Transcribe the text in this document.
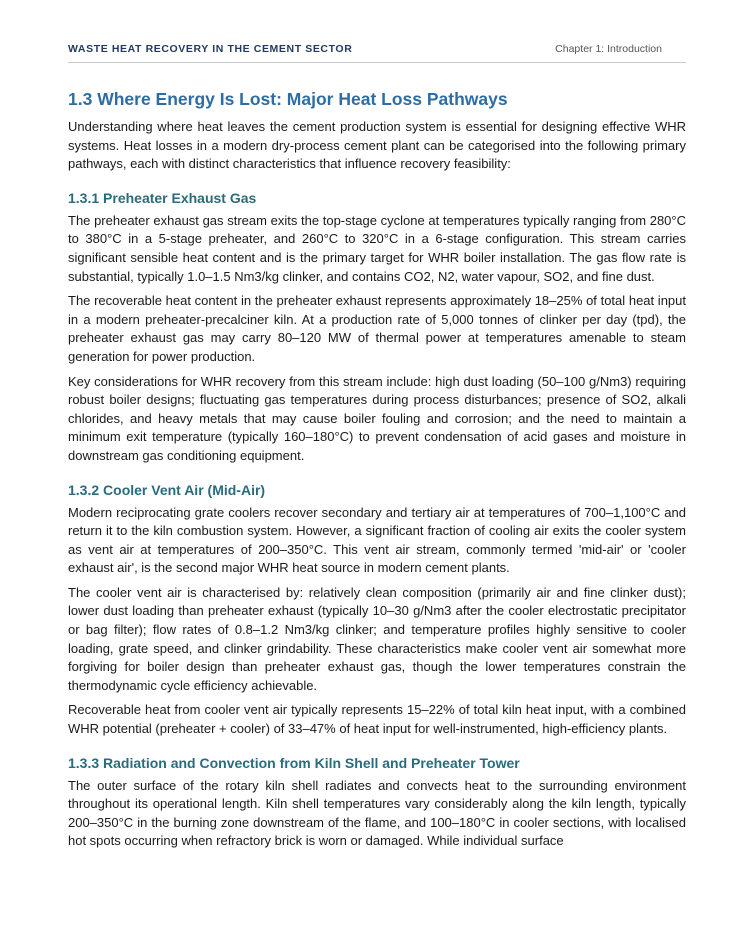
WASTE HEAT RECOVERY IN THE CEMENT SECTOR	Chapter 1: Introduction
1.3 Where Energy Is Lost: Major Heat Loss Pathways

Understanding where heat leaves the cement production system is essential for designing effective WHR systems. Heat losses in a modern dry-process cement plant can be categorised into the following primary pathways, each with distinct characteristics that influence recovery feasibility:

1.3.1 Preheater Exhaust Gas

The preheater exhaust gas stream exits the top-stage cyclone at temperatures typically ranging from 280°C to 380°C in a 5-stage preheater, and 260°C to 320°C in a 6-stage configuration. This stream carries significant sensible heat content and is the primary target for WHR boiler installation. The gas flow rate is substantial, typically 1.0–1.5 Nm3/kg clinker, and contains CO2, N2, water vapour, SO2, and fine dust.

The recoverable heat content in the preheater exhaust represents approximately 18–25% of total heat input in a modern preheater-precalciner kiln. At a production rate of 5,000 tonnes of clinker per day (tpd), the preheater exhaust gas may carry 80–120 MW of thermal power at temperatures amenable to steam generation for power production.

Key considerations for WHR recovery from this stream include: high dust loading (50–100 g/Nm3) requiring robust boiler designs; fluctuating gas temperatures during process disturbances; presence of SO2, alkali chlorides, and heavy metals that may cause boiler fouling and corrosion; and the need to maintain a minimum exit temperature (typically 160–180°C) to prevent condensation of acid gases and moisture in downstream gas conditioning equipment.

1.3.2 Cooler Vent Air (Mid-Air)

Modern reciprocating grate coolers recover secondary and tertiary air at temperatures of 700–1,100°C and return it to the kiln combustion system. However, a significant fraction of cooling air exits the cooler system as vent air at temperatures of 200–350°C. This vent air stream, commonly termed 'mid-air' or 'cooler exhaust air', is the second major WHR heat source in modern cement plants.

The cooler vent air is characterised by: relatively clean composition (primarily air and fine clinker dust); lower dust loading than preheater exhaust (typically 10–30 g/Nm3 after the cooler electrostatic precipitator or bag filter); flow rates of 0.8–1.2 Nm3/kg clinker; and temperature profiles highly sensitive to cooler loading, grate speed, and clinker grindability. These characteristics make cooler vent air somewhat more forgiving for boiler design than preheater exhaust gas, though the lower temperatures constrain the thermodynamic cycle efficiency achievable.

Recoverable heat from cooler vent air typically represents 15–22% of total kiln heat input, with a combined WHR potential (preheater + cooler) of 33–47% of heat input for well-instrumented, high-efficiency plants.

1.3.3 Radiation and Convection from Kiln Shell and Preheater Tower

The outer surface of the rotary kiln shell radiates and convects heat to the surrounding environment throughout its operational length. Kiln shell temperatures vary considerably along the kiln length, typically 200–350°C in the burning zone downstream of the flame, and 100–180°C in cooler sections, with localised hot spots occurring when refractory brick is worn or damaged. While individual surface
